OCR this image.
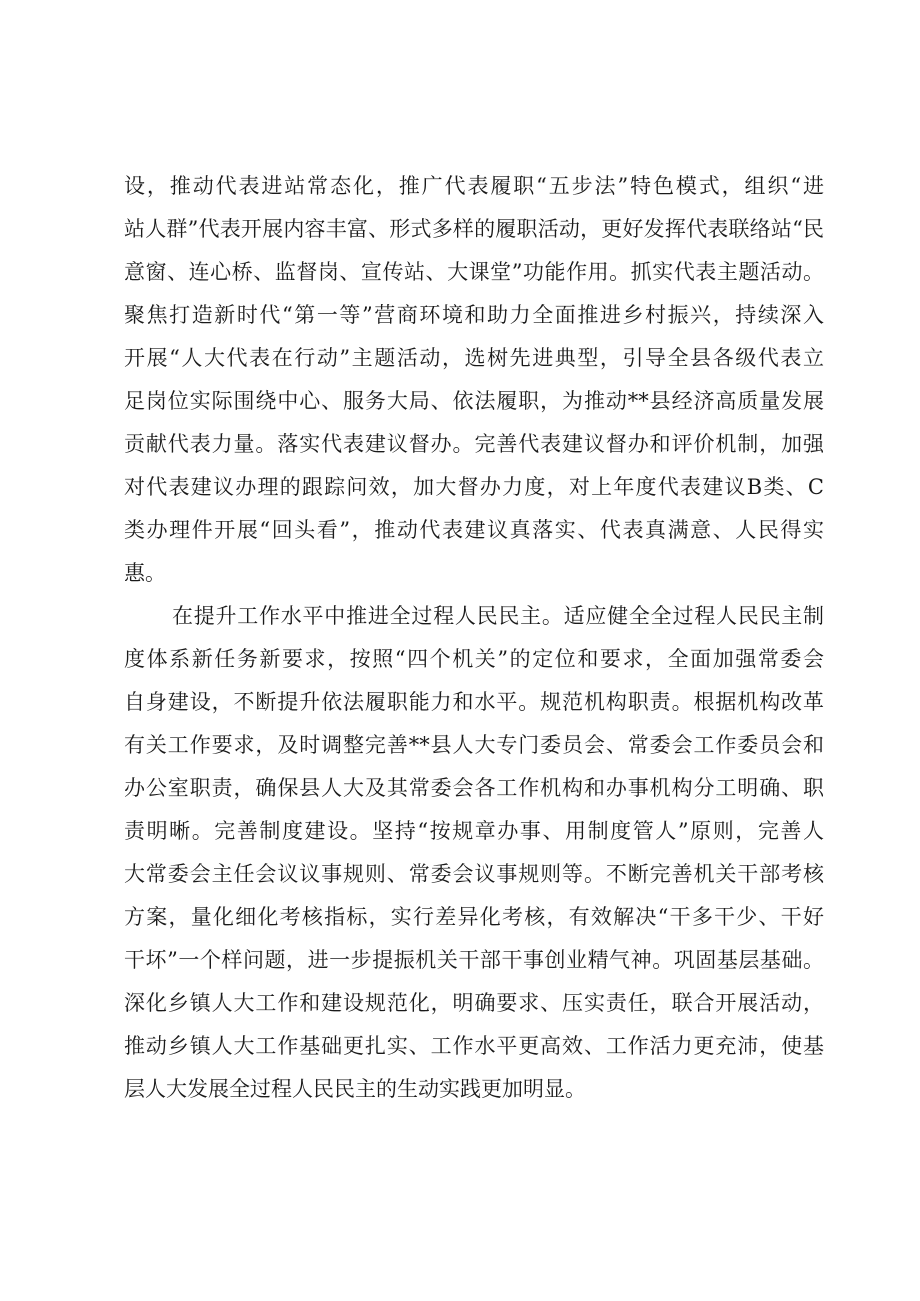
设，推动代表进站常态化，推广代表履职“五步法”特色模式，组织“进
站人群”代表开展内容丰富、形式多样的履职活动，更好发挥代表联络站“民
意窗、连心桥、监督岗、宣传站、大课堂”功能作用。抓实代表主题活动。
聚焦打造新时代“第一等”营商环境和助力全面推进乡村振兴，持续深入
开展“人大代表在行动”主题活动，选树先进典型，引导全县各级代表立
足岗位实际围绕中心、服务大局、依法履职，为推动**县经济高质量发展
贡献代表力量。落实代表建议督办。完善代表建议督办和评价机制，加强
对代表建议办理的跟踪问效，加大督办力度，对上年度代表建议B类、C
类办理件开展“回头看”，推动代表建议真落实、代表真满意、人民得实
惠。
在提升工作水平中推进全过程人民民主。适应健全全过程人民民主制
度体系新任务新要求，按照“四个机关”的定位和要求，全面加强常委会
自身建设，不断提升依法履职能力和水平。规范机构职责。根据机构改革
有关工作要求，及时调整完善**县人大专门委员会、常委会工作委员会和
办公室职责，确保县人大及其常委会各工作机构和办事机构分工明确、职
责明晰。完善制度建设。坚持“按规章办事、用制度管人”原则，完善人
大常委会主任会议议事规则、常委会议事规则等。不断完善机关干部考核
方案，量化细化考核指标，实行差异化考核，有效解决“干多干少、干好
干坏”一个样问题，进一步提振机关干部干事创业精气神。巩固基层基础。
深化乡镇人大工作和建设规范化，明确要求、压实责任，联合开展活动，
推动乡镇人大工作基础更扎实、工作水平更高效、工作活力更充沛，使基
层人大发展全过程人民民主的生动实践更加明显。
